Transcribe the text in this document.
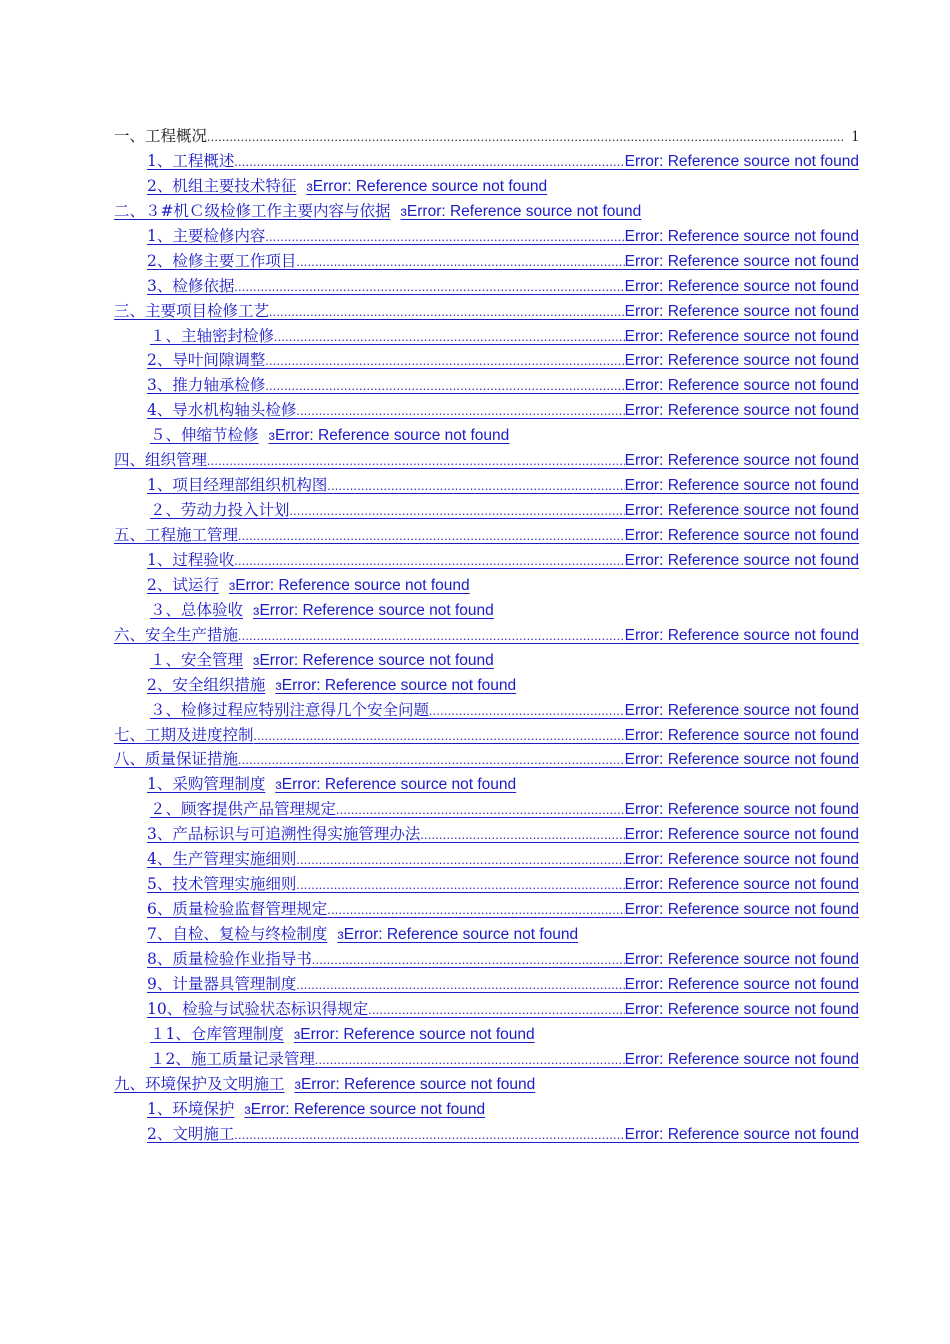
一、工程概况 .....	1
1、工程概述 .....	Error: Reference source not found
2、机组主要技术特征 ɜError: Reference source not found
二、３#机Ｃ级检修工作主要内容与依据 ɜError: Reference source not found
1、主要检修内容 .....	Error: Reference source not found
2、检修主要工作项目 .....	Error: Reference source not found
3、检修依据 .....	Error: Reference source not found
三、主要项目检修工艺 .....	Error: Reference source not found
１、主轴密封检修 .....	Error: Reference source not found
2、导叶间隙调整 .....	Error: Reference source not found
3、推力轴承检修 .....	Error: Reference source not found
4、导水机构轴头检修 .....	Error: Reference source not found
５、伸缩节检修 ɜError: Reference source not found
四、组织管理 .....	Error: Reference source not found
1、项目经理部组织机构图 .....	Error: Reference source not found
２、劳动力投入计划 .....	Error: Reference source not found
五、工程施工管理 .....	Error: Reference source not found
1、过程验收 .....	Error: Reference source not found
2、试运行 ɜError: Reference source not found
３、总体验收 ɜError: Reference source not found
六、安全生产措施 .....	Error: Reference source not found
１、安全管理 ɜError: Reference source not found
2、安全组织措施 ɜError: Reference source not found
３、检修过程应特别注意得几个安全问题 .....	Error: Reference source not found
七、工期及进度控制 .....	Error: Reference source not found
八、质量保证措施 .....	Error: Reference source not found
1、采购管理制度 ɜError: Reference source not found
２、顾客提供产品管理规定 .....	Error: Reference source not found
3、产品标识与可追溯性得实施管理办法 .....	Error: Reference source not found
4、生产管理实施细则 .....	Error: Reference source not found
5、技术管理实施细则 .....	Error: Reference source not found
6、质量检验监督管理规定 .....	Error: Reference source not found
7、自检、复检与终检制度 ɜError: Reference source not found
8、质量检验作业指导书 .....	Error: Reference source not found
9、计量器具管理制度 .....	Error: Reference source not found
10、检验与试验状态标识得规定 .....	Error: Reference source not found
１1、仓库管理制度 ɜError: Reference source not found
１2、施工质量记录管理 .....	Error: Reference source not found
九、环境保护及文明施工 ɜError: Reference source not found
1、环境保护 ɜError: Reference source not found
2、文明施工 .....	Error: Reference source not found
